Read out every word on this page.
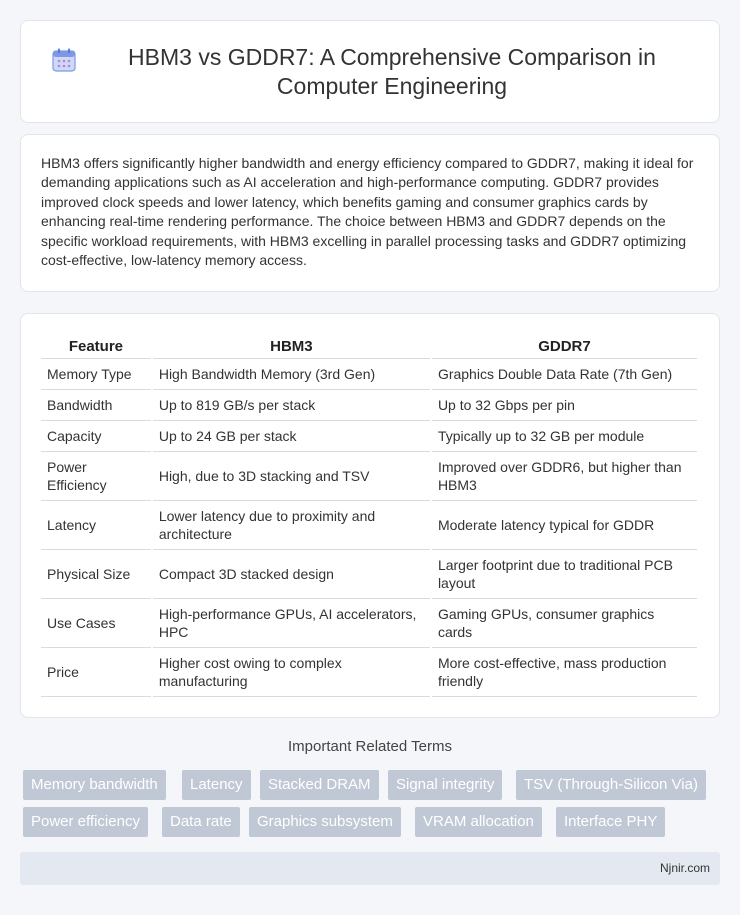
HBM3 vs GDDR7: A Comprehensive Comparison in Computer Engineering

HBM3 offers significantly higher bandwidth and energy efficiency compared to GDDR7, making it ideal for demanding applications such as AI acceleration and high-performance computing. GDDR7 provides improved clock speeds and lower latency, which benefits gaming and consumer graphics cards by enhancing real-time rendering performance. The choice between HBM3 and GDDR7 depends on the specific workload requirements, with HBM3 excelling in parallel processing tasks and GDDR7 optimizing cost-effective, low-latency memory access.

Feature	HBM3	GDDR7
Memory Type	High Bandwidth Memory (3rd Gen)	Graphics Double Data Rate (7th Gen)
Bandwidth	Up to 819 GB/s per stack	Up to 32 Gbps per pin
Capacity	Up to 24 GB per stack	Typically up to 32 GB per module
Power Efficiency	High, due to 3D stacking and TSV	Improved over GDDR6, but higher than HBM3
Latency	Lower latency due to proximity and architecture	Moderate latency typical for GDDR
Physical Size	Compact 3D stacked design	Larger footprint due to traditional PCB layout
Use Cases	High-performance GPUs, AI accelerators, HPC	Gaming GPUs, consumer graphics cards
Price	Higher cost owing to complex manufacturing	More cost-effective, mass production friendly
Important Related Terms
Memory bandwidth	Latency	Stacked DRAM	Signal integrity	TSV (Through-Silicon Via)
Power efficiency	Data rate	Graphics subsystem	VRAM allocation	Interface PHY
Njnir.com
